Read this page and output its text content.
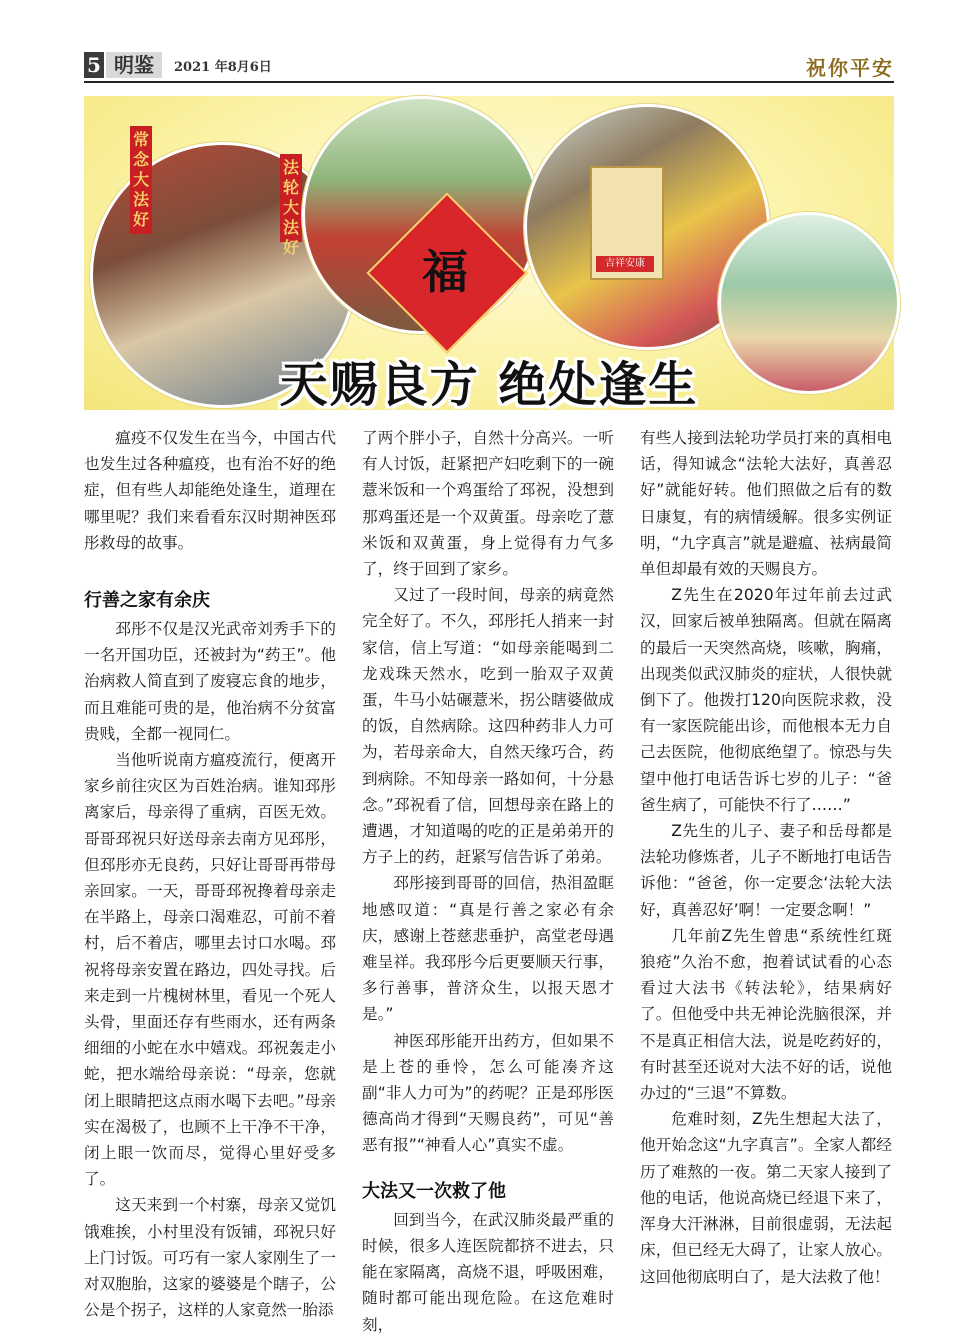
5 明鉴	2021 年8月6日	祝你平安
常念大法好
法轮大法好	福	吉祥安康
天赐良方 绝处逢生

瘟疫不仅发生在当今，中国古代也发生过各种瘟疫，也有治不好的绝症，但有些人却能绝处逢生，道理在哪里呢？我们来看看东汉时期神医邳彤救母的故事。

行善之家有余庆

邳彤不仅是汉光武帝刘秀手下的一名开国功臣，还被封为“药王”。他治病救人简直到了废寝忘食的地步，而且难能可贵的是，他治病不分贫富贵贱，全都一视同仁。

当他听说南方瘟疫流行，便离开家乡前往灾区为百姓治病。谁知邳彤离家后，母亲得了重病，百医无效。哥哥邳祝只好送母亲去南方见邳彤，但邳彤亦无良药，只好让哥哥再带母亲回家。一天，哥哥邳祝搀着母亲走在半路上，母亲口渴难忍，可前不着村，后不着店，哪里去讨口水喝。邳祝将母亲安置在路边，四处寻找。后来走到一片槐树林里，看见一个死人头骨，里面还存有些雨水，还有两条细细的小蛇在水中嬉戏。邳祝轰走小蛇，把水端给母亲说：“母亲，您就闭上眼睛把这点雨水喝下去吧。”母亲实在渴极了，也顾不上干净不干净，闭上眼一饮而尽，觉得心里好受多了。

这天来到一个村寨，母亲又觉饥饿难挨，小村里没有饭铺，邳祝只好上门讨饭。可巧有一家人家刚生了一对双胞胎，这家的婆婆是个瞎子，公公是个拐子，这样的人家竟然一胎添

了两个胖小子，自然十分高兴。一听有人讨饭，赶紧把产妇吃剩下的一碗薏米饭和一个鸡蛋给了邳祝，没想到那鸡蛋还是一个双黄蛋。母亲吃了薏米饭和双黄蛋，身上觉得有力气多了，终于回到了家乡。

又过了一段时间，母亲的病竟然完全好了。不久，邳彤托人捎来一封家信，信上写道：“如母亲能喝到二龙戏珠天然水，吃到一胎双子双黄蛋，牛马小姑碾薏米，拐公瞎婆做成的饭，自然病除。这四种药非人力可为，若母亲命大，自然天缘巧合，药到病除。不知母亲一路如何，十分悬念。”邳祝看了信，回想母亲在路上的遭遇，才知道喝的吃的正是弟弟开的方子上的药，赶紧写信告诉了弟弟。

邳彤接到哥哥的回信，热泪盈眶地感叹道：“真是行善之家必有余庆，感谢上苍慈悲垂护，高堂老母遇难呈祥。我邳彤今后更要顺天行事，多行善事，普济众生，以报天恩才是。”

神医邳彤能开出药方，但如果不是上苍的垂怜，怎么可能凑齐这副“非人力可为”的药呢？正是邳彤医德高尚才得到“天赐良药”，可见“善恶有报”“神看人心”真实不虚。

大法又一次救了他

回到当今，在武汉肺炎最严重的时候，很多人连医院都挤不进去，只能在家隔离，高烧不退，呼吸困难，随时都可能出现危险。在这危难时刻，

有些人接到法轮功学员打来的真相电话，得知诚念“法轮大法好，真善忍好”就能好转。他们照做之后有的数日康复，有的病情缓解。很多实例证明，“九字真言”就是避瘟、袪病最简单但却最有效的天赐良方。

Z先生在2020年过年前去过武汉，回家后被单独隔离。但就在隔离的最后一天突然高烧，咳嗽，胸痛，出现类似武汉肺炎的症状，人很快就倒下了。他拨打120向医院求救，没有一家医院能出诊，而他根本无力自己去医院，他彻底绝望了。惊恐与失望中他打电话告诉七岁的儿子：“爸爸生病了，可能快不行了……”

Z先生的儿子、妻子和岳母都是法轮功修炼者，儿子不断地打电话告诉他：“爸爸，你一定要念‘法轮大法好，真善忍好’啊！一定要念啊！”

几年前Z先生曾患“系统性红斑狼疮”久治不愈，抱着试试看的心态看过大法书《转法轮》，结果病好了。但他受中共无神论洗脑很深，并不是真正相信大法，说是吃药好的，有时甚至还说对大法不好的话，说他办过的“三退”不算数。

危难时刻，Z先生想起大法了，他开始念这“九字真言”。全家人都经历了难熬的一夜。第二天家人接到了他的电话，他说高烧已经退下来了，浑身大汗淋淋，目前很虚弱，无法起床，但已经无大碍了，让家人放心。这回他彻底明白了，是大法救了他！
